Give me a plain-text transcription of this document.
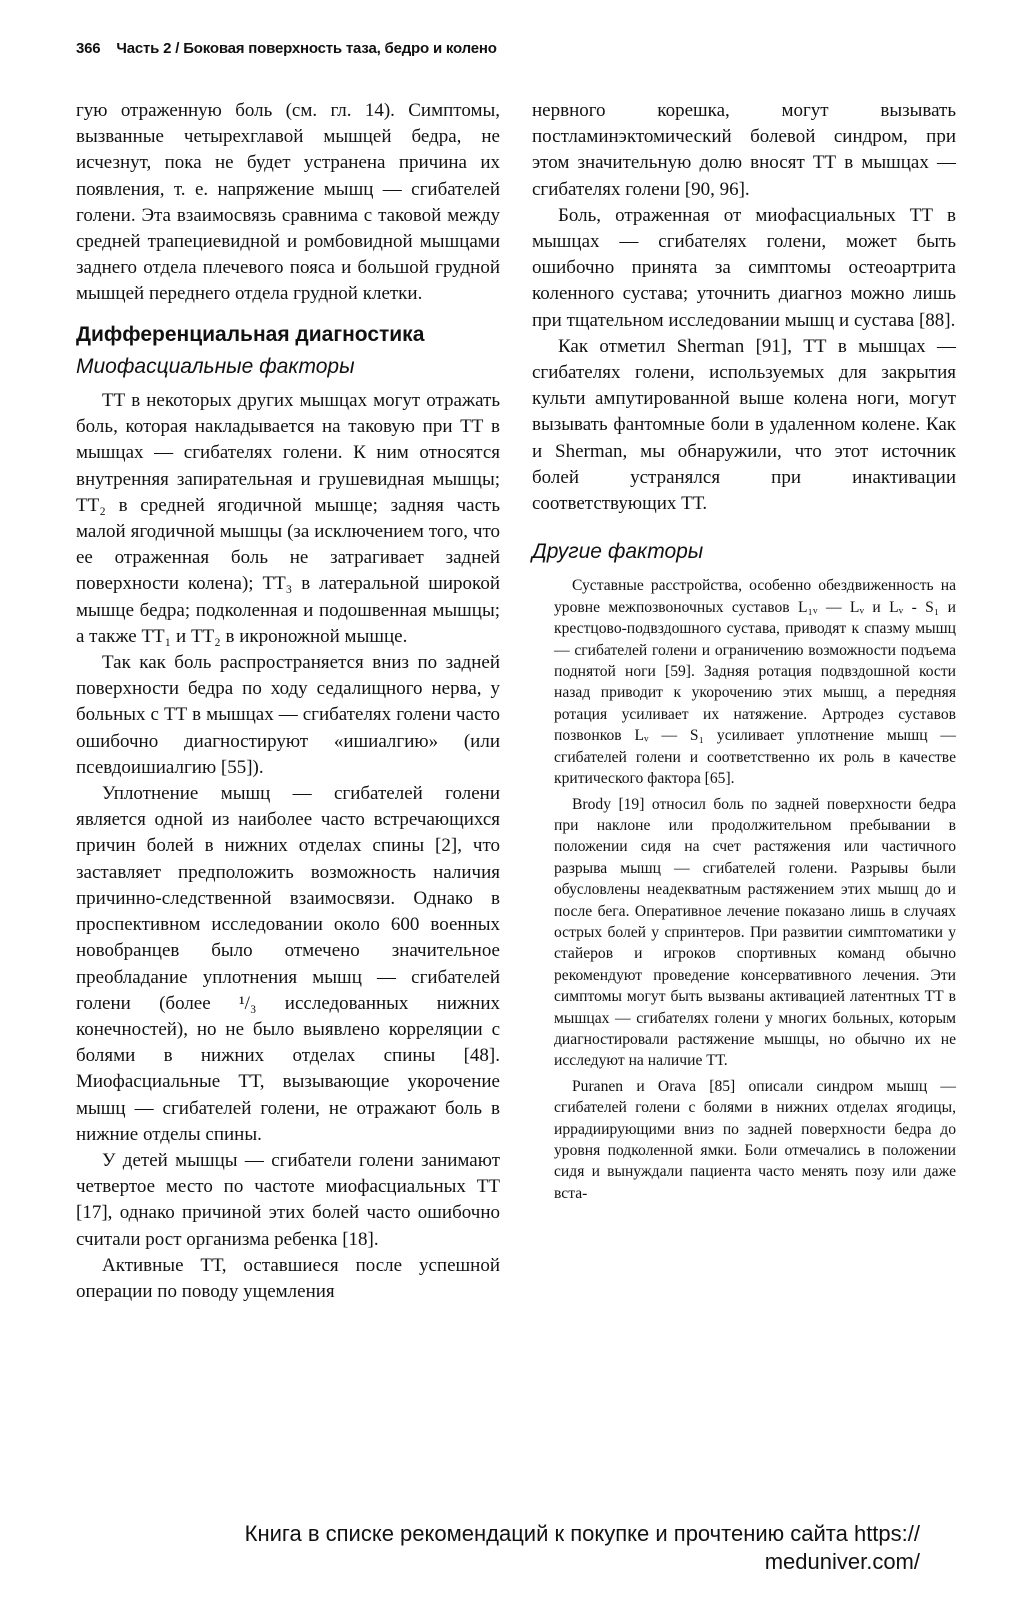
366 Часть 2 / Боковая поверхность таза, бедро и колено

гую отраженную боль (см. гл. 14). Симптомы, вызванные четырехглавой мышцей бедра, не исчезнут, пока не будет устранена причина их появления, т. е. напряжение мышц — сгибателей голени. Эта взаимосвязь сравнима с таковой между средней трапециевидной и ромбовидной мышцами заднего отдела плечевого пояса и большой грудной мышцей переднего отдела грудной клетки.

Дифференциальная диагностика
Миофасциальные факторы

ТТ в некоторых других мышцах могут отражать боль, которая накладывается на таковую при ТТ в мышцах — сгибателях голени. К ним относятся внутренняя запирательная и грушевидная мышцы; ТТ₂ в средней ягодичной мышце; задняя часть малой ягодичной мышцы (за исключением того, что ее отраженная боль не затрагивает задней поверхности колена); ТТ₃ в латеральной широкой мышце бедра; подколенная и подошвенная мышцы; а также ТТ₁ и ТТ₂ в икроножной мышце.

Так как боль распространяется вниз по задней поверхности бедра по ходу седалищного нерва, у больных с ТТ в мышцах — сгибателях голени часто ошибочно диагностируют «ишиалгию» (или псевдоишиалгию [55]).

Уплотнение мышц — сгибателей голени является одной из наиболее часто встречающихся причин болей в нижних отделах спины [2], что заставляет предположить возможность наличия причинно-следственной взаимосвязи. Однако в проспективном исследовании около 600 военных новобранцев было отмечено значительное преобладание уплотнения мышц — сгибателей голени (более ¹/₃ исследованных нижних конечностей), но не было выявлено корреляции с болями в нижних отделах спины [48]. Миофасциальные ТТ, вызывающие укорочение мышц — сгибателей голени, не отражают боль в нижние отделы спины.

У детей мышцы — сгибатели голени занимают четвертое место по частоте миофасциальных ТТ [17], однако причиной этих болей часто ошибочно считали рост организма ребенка [18].

Активные ТТ, оставшиеся после успешной операции по поводу ущемления

нервного корешка, могут вызывать постламинэктомический болевой синдром, при этом значительную долю вносят ТТ в мышцах — сгибателях голени [90, 96].

Боль, отраженная от миофасциальных ТТ в мышцах — сгибателях голени, может быть ошибочно принята за симптомы остеоартрита коленного сустава; уточнить диагноз можно лишь при тщательном исследовании мышц и сустава [88].

Как отметил Sherman [91], ТТ в мышцах — сгибателях голени, используемых для закрытия культи ампутированной выше колена ноги, могут вызывать фантомные боли в удаленном колене. Как и Sherman, мы обнаружили, что этот источник болей устранялся при инактивации соответствующих ТТ.

Другие факторы

Суставные расстройства, особенно обездвиженность на уровне межпозвоночных суставов L₁ᵥ — Lᵥ и Lᵥ - S₁ и крестцово-подвздошного сустава, приводят к спазму мышц — сгибателей голени и ограничению возможности подъема поднятой ноги [59]. Задняя ротация подвздошной кости назад приводит к укорочению этих мышц, а передняя ротация усиливает их натяжение. Артродез суставов позвонков Lᵥ — S₁ усиливает уплотнение мышц — сгибателей голени и соответственно их роль в качестве критического фактора [65].

Brody [19] относил боль по задней поверхности бедра при наклоне или продолжительном пребывании в положении сидя на счет растяжения или частичного разрыва мышц — сгибателей голени. Разрывы были обусловлены неадекватным растяжением этих мышц до и после бега. Оперативное лечение показано лишь в случаях острых болей у спринтеров. При развитии симптоматики у стайеров и игроков спортивных команд обычно рекомендуют проведение консервативного лечения. Эти симптомы могут быть вызваны активацией латентных ТТ в мышцах — сгибателях голени у многих больных, которым диагностировали растяжение мышцы, но обычно их не исследуют на наличие ТТ.

Puranen и Orava [85] описали синдром мышц — сгибателей голени с болями в нижних отделах ягодицы, иррадиирующими вниз по задней поверхности бедра до уровня подколенной ямки. Боли отмечались в положении сидя и вынуждали пациента часто менять позу или даже вста-

Книга в списке рекомендаций к покупке и прочтению сайта https://
meduniver.com/
